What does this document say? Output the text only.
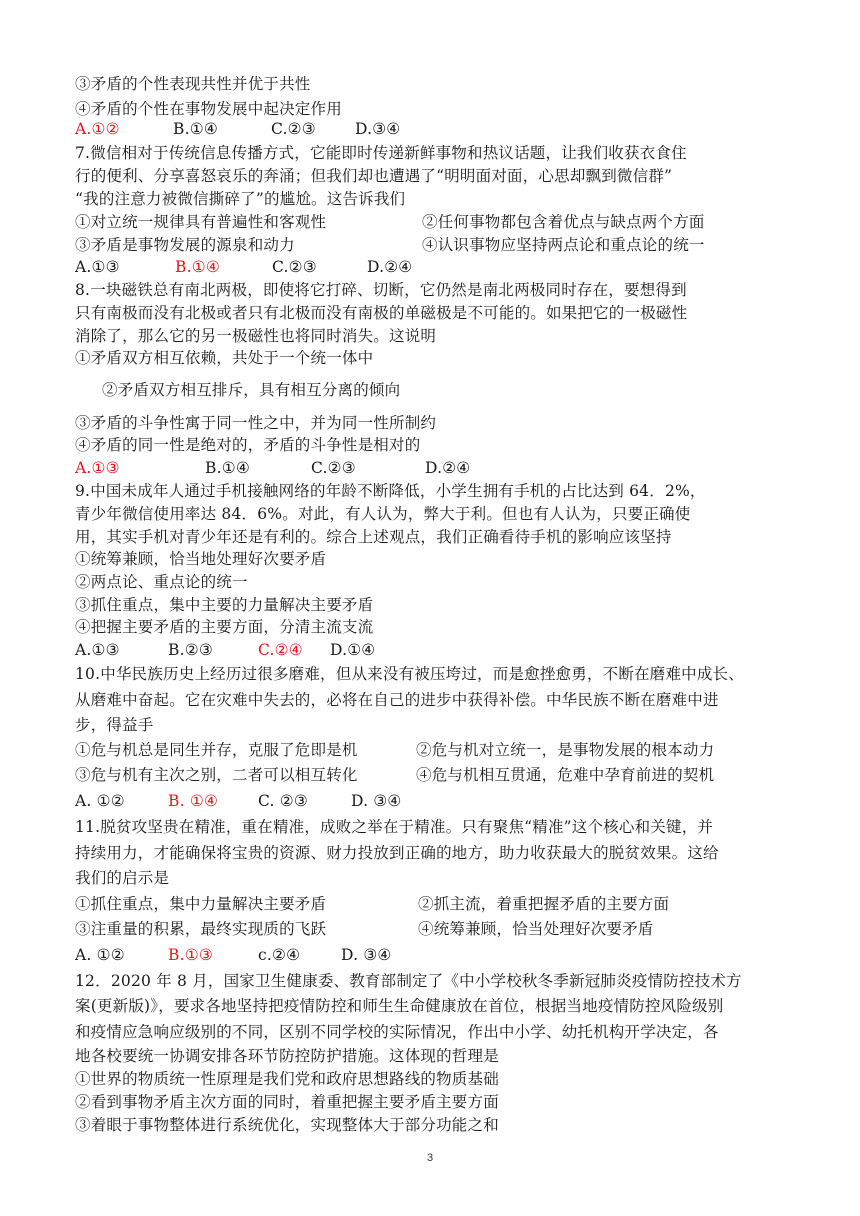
③矛盾的个性表现共性并优于共性
④矛盾的个性在事物发展中起决定作用
A.①②	B.①④	C.②③	D.③④
7.微信相对于传统信息传播方式，它能即时传递新鲜事物和热议话题，让我们收获衣食住
行的便利、分享喜怒哀乐的奔涌；但我们却也遭遇了“明明面对面，心思却飘到微信群”
“我的注意力被微信撕碎了”的尴尬。这告诉我们
①对立统一规律具有普遍性和客观性	②任何事物都包含着优点与缺点两个方面
③矛盾是事物发展的源泉和动力	④认识事物应坚持两点论和重点论的统一
A.①③	B.①④	C.②③	D.②④
8.一块磁铁总有南北两极，即使将它打碎、切断，它仍然是南北两极同时存在，要想得到
只有南极而没有北极或者只有北极而没有南极的单磁极是不可能的。如果把它的一极磁性
消除了，那么它的另一极磁性也将同时消失。这说明
①矛盾双方相互依赖，共处于一个统一体中
②矛盾双方相互排斥，具有相互分离的倾向
③矛盾的斗争性寓于同一性之中，并为同一性所制约
④矛盾的同一性是绝对的，矛盾的斗争性是相对的
A.①③	B.①④	C.②③	D.②④
9.中国未成年人通过手机接触网络的年龄不断降低，小学生拥有手机的占比达到 64．2%，
青少年微信使用率达 84．6%。对此，有人认为，弊大于利。但也有人认为，只要正确使
用，其实手机对青少年还是有利的。综合上述观点，我们正确看待手机的影响应该坚持
①统筹兼顾，恰当地处理好次要矛盾
②两点论、重点论的统一
③抓住重点，集中主要的力量解决主要矛盾
④把握主要矛盾的主要方面，分清主流支流
A.①③	B.②③	C.②④ D.①④
10.中华民族历史上经历过很多磨难，但从来没有被压垮过，而是愈挫愈勇，不断在磨难中成长、
从磨难中奋起。它在灾难中失去的，必将在自己的进步中获得补偿。中华民族不断在磨难中进
步，得益手
①危与机总是同生并存，克服了危即是机	②危与机对立统一，是事物发展的根本动力
③危与机有主次之别，二者可以相互转化	④危与机相互贯通，危难中孕育前进的契机
A. ①②	B. ①④	C. ②③	D. ③④
11.脱贫攻坚贵在精准，重在精准，成败之举在于精准。只有聚焦“精准”这个核心和关键，并
持续用力，才能确保将宝贵的资源、财力投放到正确的地方，助力收获最大的脱贫效果。这给
我们的启示是
①抓住重点，集中力量解决主要矛盾	②抓主流，着重把握矛盾的主要方面
③注重量的积累，最终实现质的飞跃	④统筹兼顾，恰当处理好次要矛盾
A. ①②	B.①③	c.②④	D. ③④
12．2020 年 8 月，国家卫生健康委、教育部制定了《中小学校秋冬季新冠肺炎疫情防控技术方
案(更新版)》，要求各地坚持把疫情防控和师生生命健康放在首位，根据当地疫情防控风险级别
和疫情应急响应级别的不同，区别不同学校的实际情况，作出中小学、幼托机构开学决定，各
地各校要统一协调安排各环节防控防护措施。这体现的哲理是
①世界的物质统一性原理是我们党和政府思想路线的物质基础
②看到事物矛盾主次方面的同时，着重把握主要矛盾主要方面
③着眼于事物整体进行系统优化，实现整体大于部分功能之和
3
